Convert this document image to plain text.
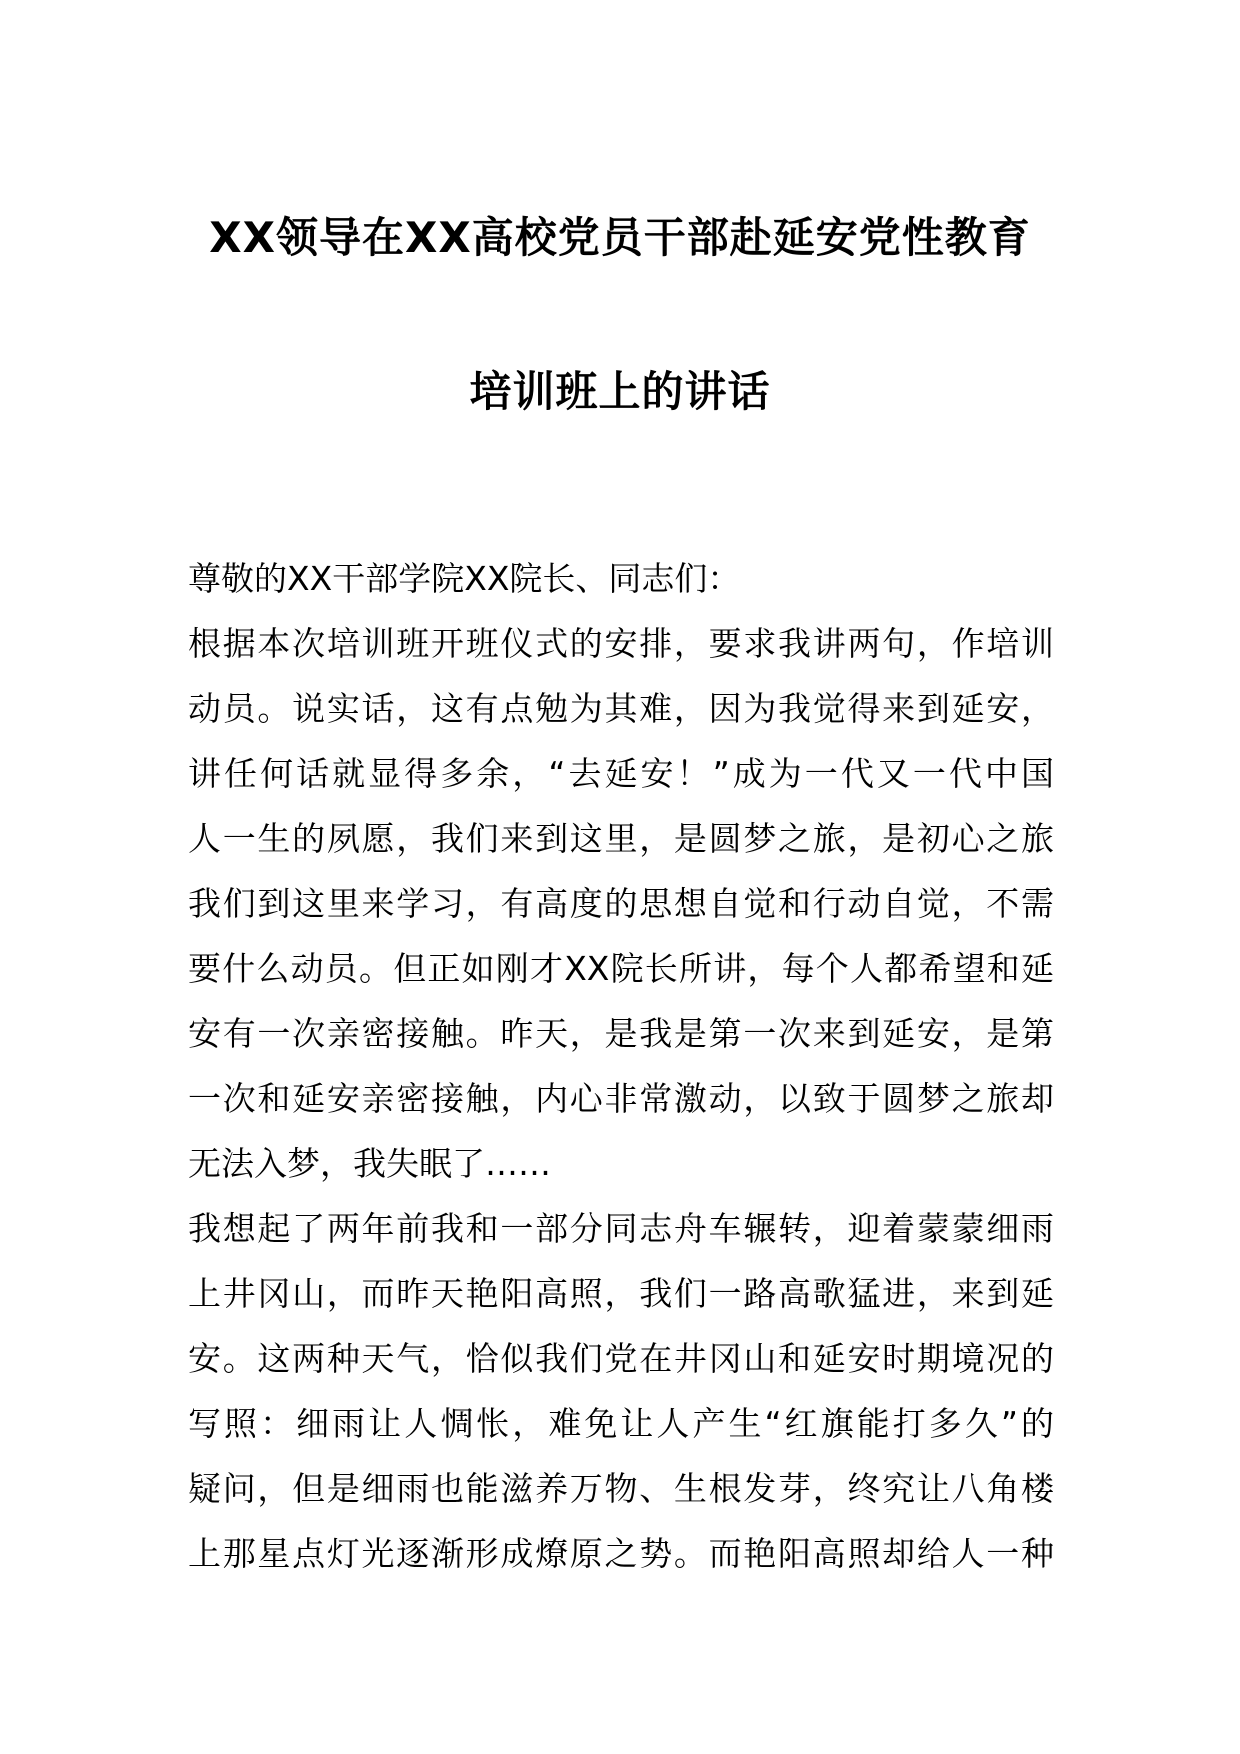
XX领导在XX高校党员干部赴延安党性教育
培训班上的讲话
尊敬的XX干部学院XX院长、同志们：
根据本次培训班开班仪式的安排，要求我讲两句，作培训
动员。说实话，这有点勉为其难，因为我觉得来到延安，
讲任何话就显得多余，“去延安！”成为一代又一代中国
人一生的夙愿，我们来到这里，是圆梦之旅，是初心之旅
我们到这里来学习，有高度的思想自觉和行动自觉，不需
要什么动员。但正如刚才XX院长所讲，每个人都希望和延
安有一次亲密接触。昨天，是我是第一次来到延安，是第
一次和延安亲密接触，内心非常激动，以致于圆梦之旅却
无法入梦，我失眠了……
我想起了两年前我和一部分同志舟车辗转，迎着蒙蒙细雨
上井冈山，而昨天艳阳高照，我们一路高歌猛进，来到延
安。这两种天气，恰似我们党在井冈山和延安时期境况的
写照：细雨让人惆怅，难免让人产生“红旗能打多久”的
疑问，但是细雨也能滋养万物、生根发芽，终究让八角楼
上那星点灯光逐渐形成燎原之势。而艳阳高照却给人一种
